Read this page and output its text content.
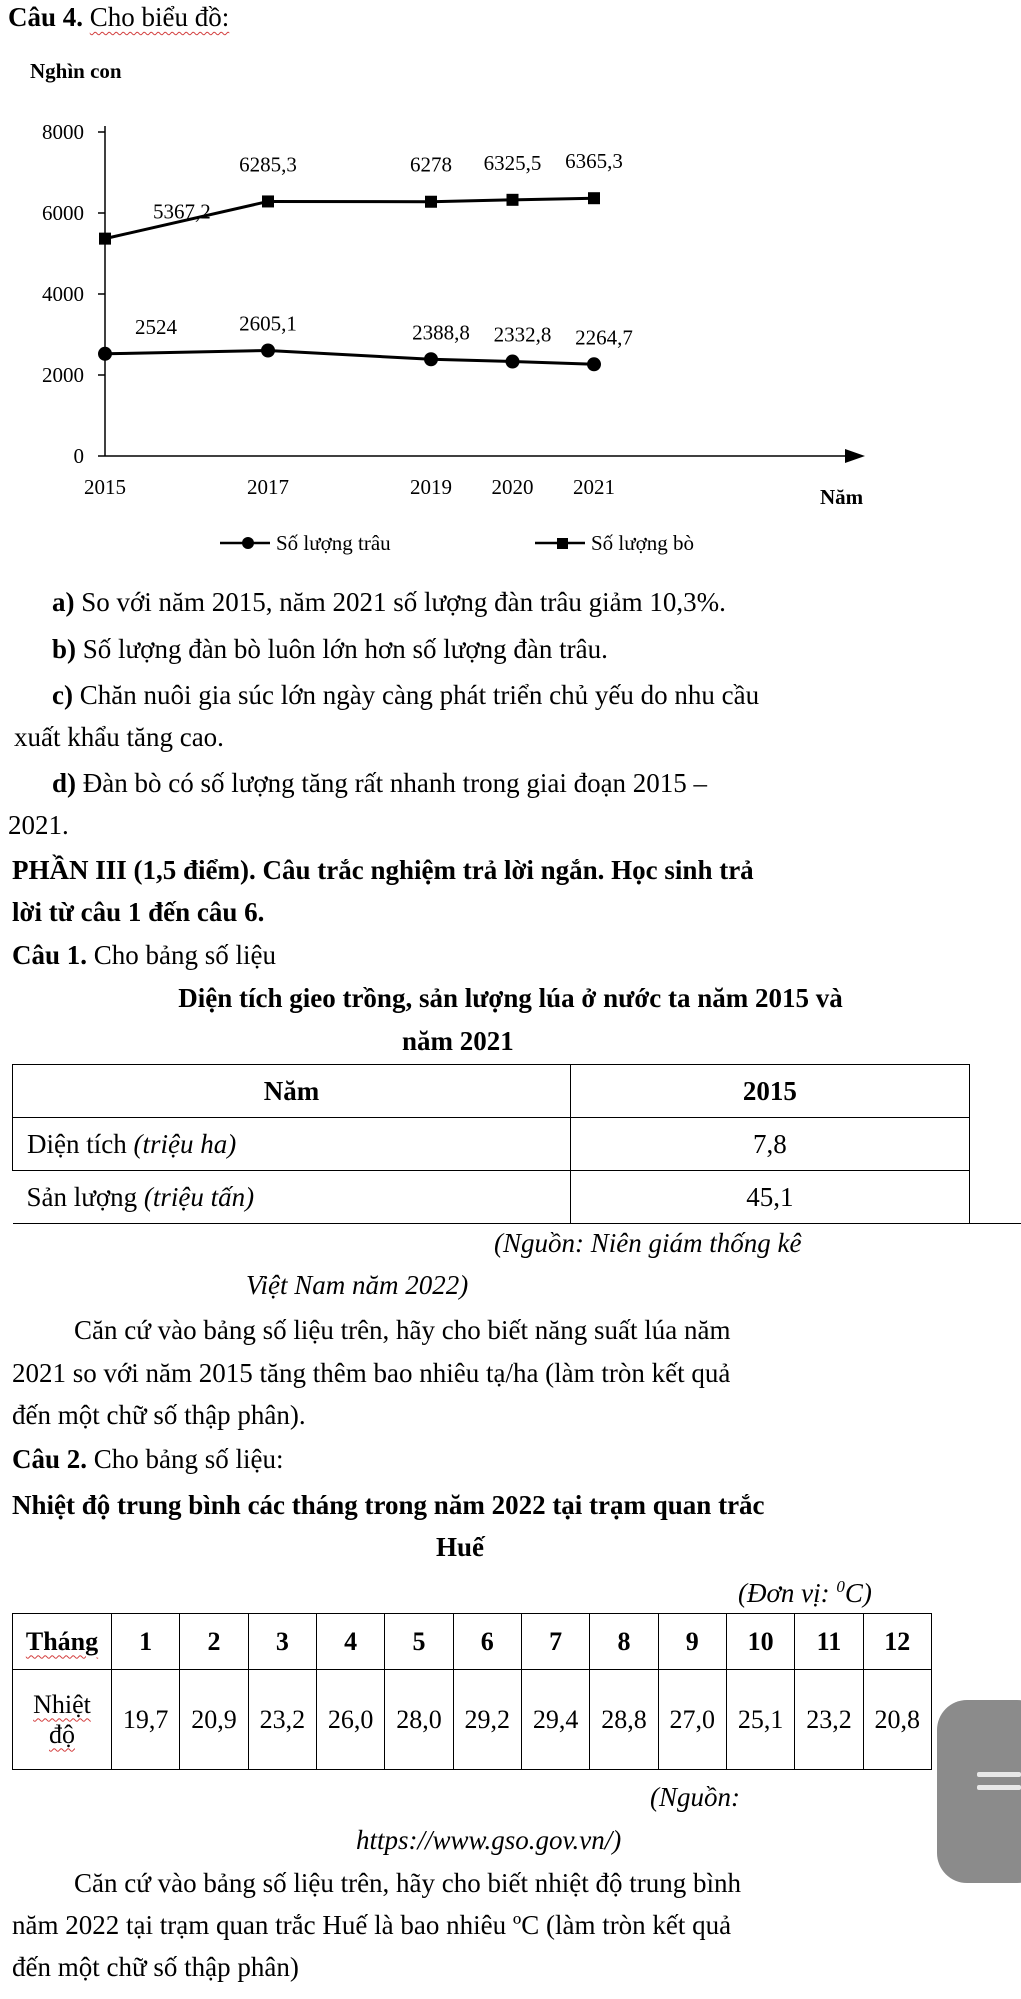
Câu 4. Cho biểu đồ:
Nghìn con
Năm
0
2000
4000
6000
8000
2015	2017	2019 2020 2021
2524	2605,1	2388,8 2332,8 2264,7
5367,2
6285,3	6278 6325,5 6365,3
Số lượng trâu	Số lượng bò
a) So với năm 2015, năm 2021 số lượng đàn trâu giảm 10,3%.
b) Số lượng đàn bò luôn lớn hơn số lượng đàn trâu.
c) Chăn nuôi gia súc lớn ngày càng phát triển chủ yếu do nhu cầu
xuất khẩu tăng cao.
d) Đàn bò có số lượng tăng rất nhanh trong giai đoạn 2015 –
2021.
PHẦN III (1,5 điểm). Câu trắc nghiệm trả lời ngắn. Học sinh trả
lời từ câu 1 đến câu 6.
Câu 1. Cho bảng số liệu
Diện tích gieo trồng, sản lượng lúa ở nước ta năm 2015 và
năm 2021
Năm	2015	
Diện tích (triệu ha)	7,8	
Sản lượng (triệu tấn)	45,1	
(Nguồn: Niên giám thống kê
Việt Nam năm 2022)
Căn cứ vào bảng số liệu trên, hãy cho biết năng suất lúa năm
2021 so với năm 2015 tăng thêm bao nhiêu tạ/ha (làm tròn kết quả
đến một chữ số thập phân).
Câu 2. Cho bảng số liệu:
Nhiệt độ trung bình các tháng trong năm 2022 tại trạm quan trắc
Huế
(Đơn vị: $^0$C)
Tháng	1	2	3	4	5	6	7	8	9	10	11	12
Nhiệt
độ	19,7	20,9	23,2	26,0	28,0	29,2	29,4	28,8	27,0	25,1	23,2	20,8
(Nguồn:
https://www.gso.gov.vn/)
Căn cứ vào bảng số liệu trên, hãy cho biết nhiệt độ trung bình
năm 2022 tại trạm quan trắc Huế là bao nhiêu ºC (làm tròn kết quả
đến một chữ số thập phân)
